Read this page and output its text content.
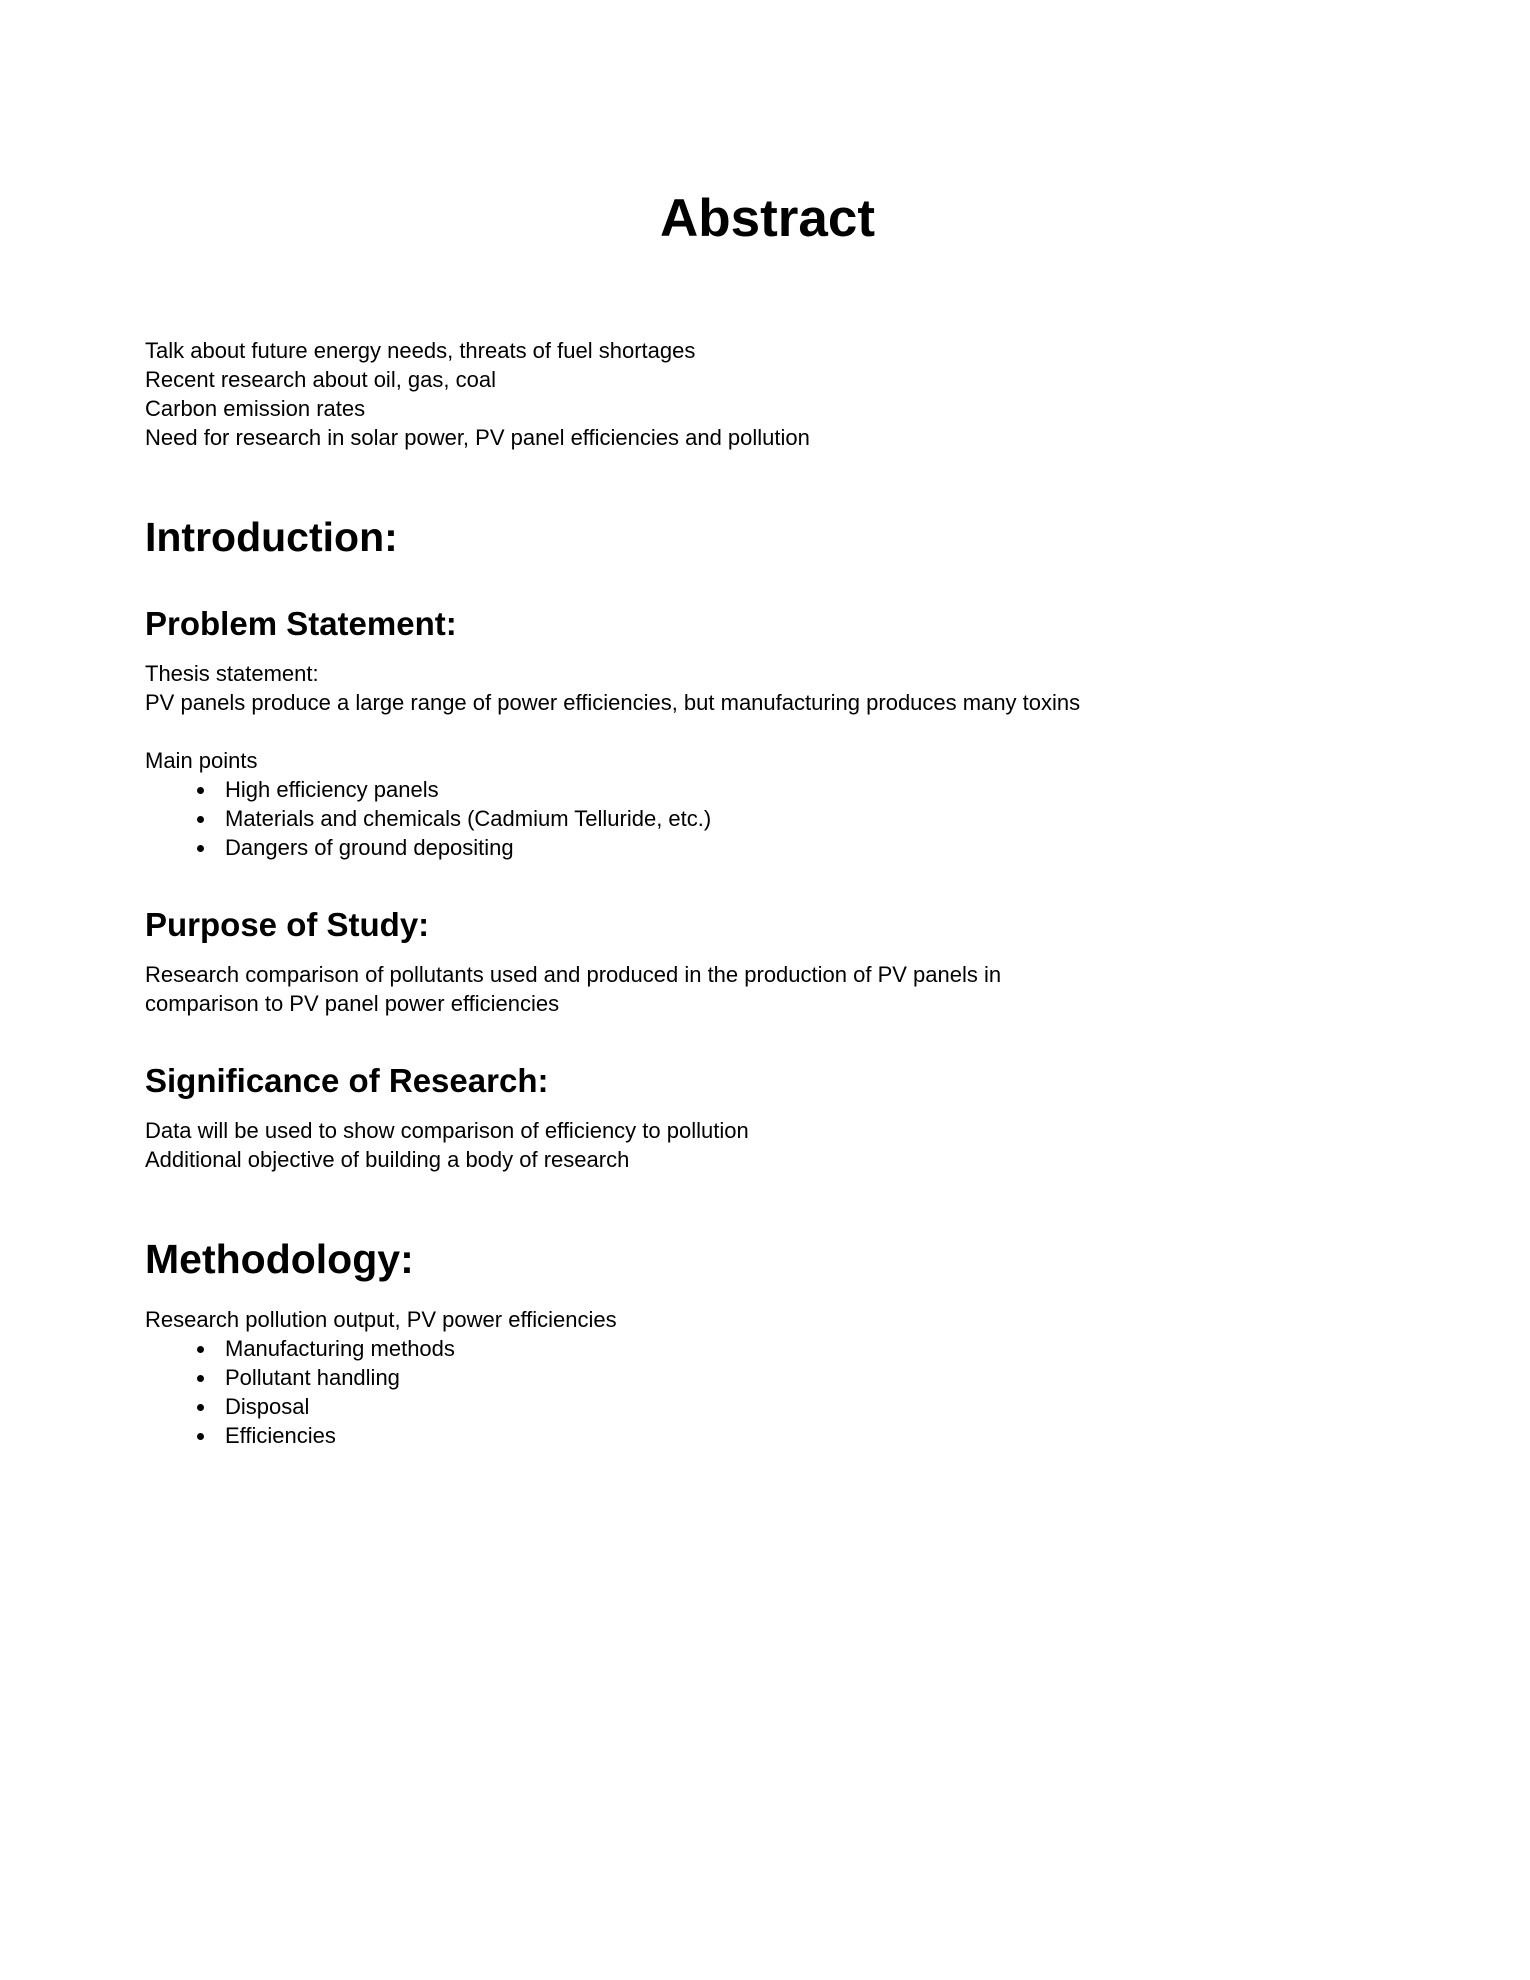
Abstract
Talk about future energy needs, threats of fuel shortages
Recent research about oil, gas, coal
Carbon emission rates
Need for research in solar power, PV panel efficiencies and pollution
Introduction:
Problem Statement:
Thesis statement:
PV panels produce a large range of power efficiencies, but manufacturing produces many toxins
Main points
• High efficiency panels
• Materials and chemicals (Cadmium Telluride, etc.)
• Dangers of ground depositing
Purpose of Study:
Research comparison of pollutants used and produced in the production of PV panels in
comparison to PV panel power efficiencies
Significance of Research:
Data will be used to show comparison of efficiency to pollution
Additional objective of building a body of research
Methodology:
Research pollution output, PV power efficiencies
• Manufacturing methods
• Pollutant handling
• Disposal
• Efficiencies
